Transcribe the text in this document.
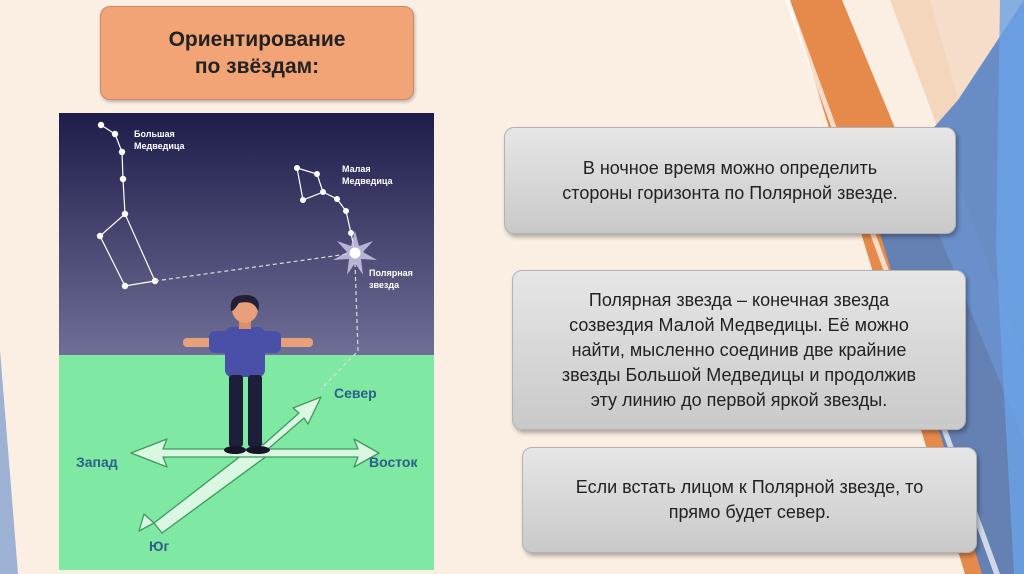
Ориентирование
по звёздам:
Большая Медведица
Малая Медведица
Полярная звезда
Север
Юг
Запад	Восток
В ночное время можно определить
стороны горизонта по Полярной звезде.
Полярная звезда – конечная звезда
созвездия Малой Медведицы. Её можно
найти, мысленно соединив две крайние
звезды Большой Медведицы и продолжив
эту линию до первой яркой звезды.
Если встать лицом к Полярной звезде, то
прямо будет север.
